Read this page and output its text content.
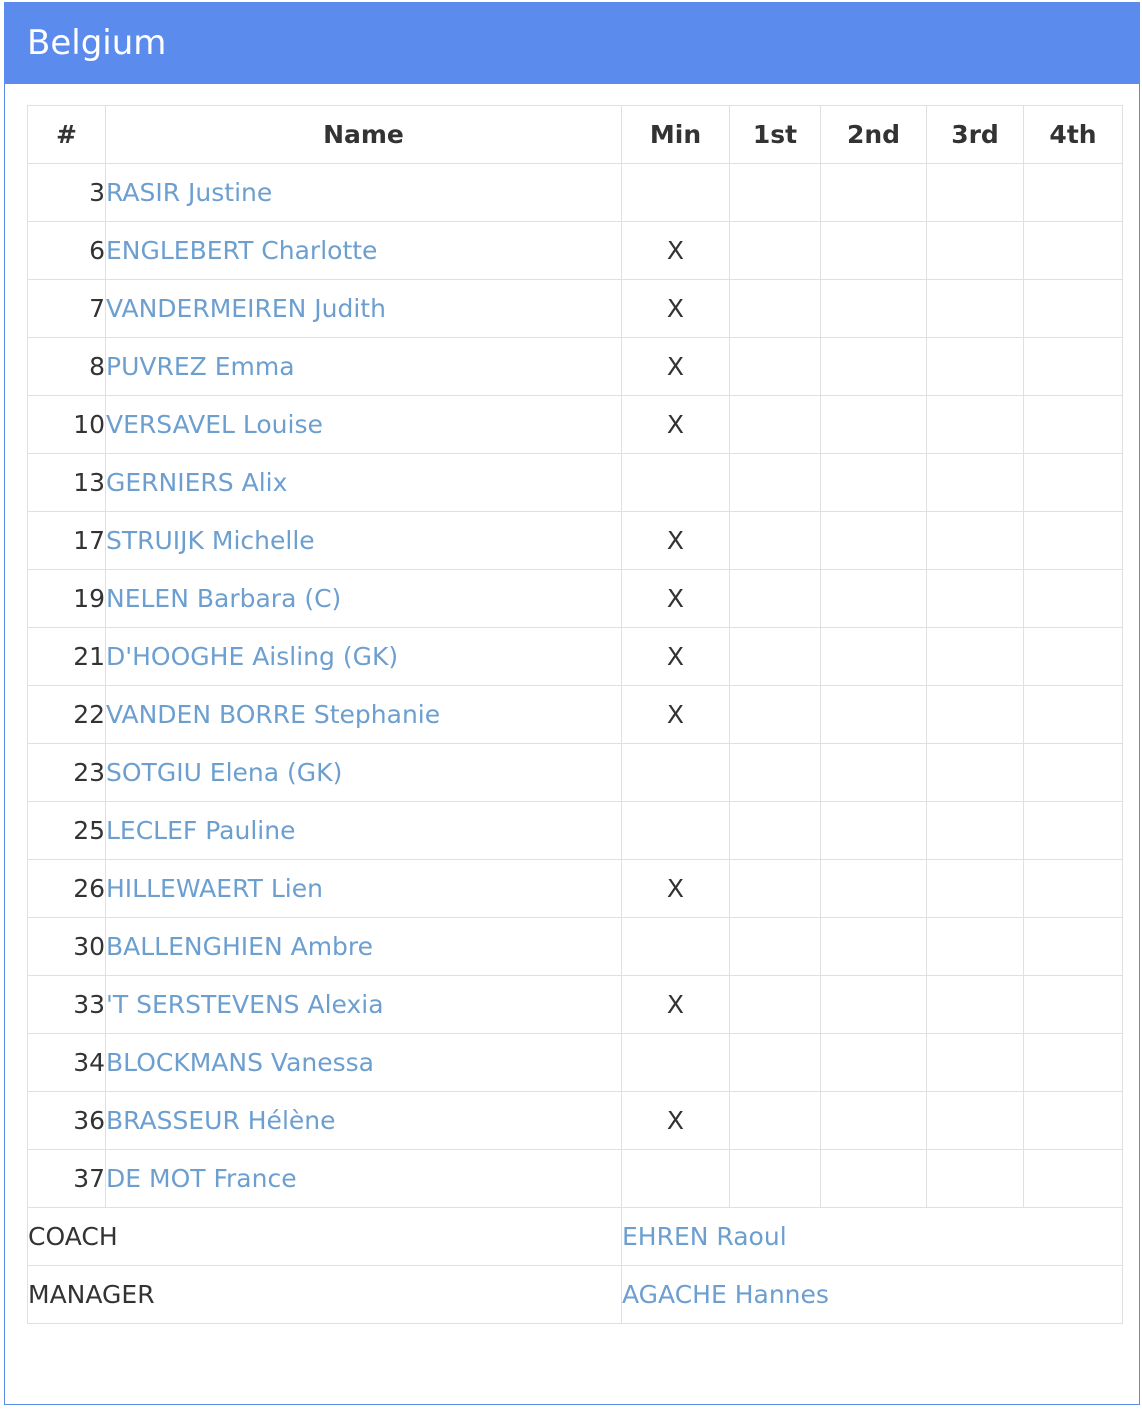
Belgium
#	Name	Min	1st	2nd	3rd	4th
3	RASIR Justine					
6	ENGLEBERT Charlotte	X				
7	VANDERMEIREN Judith	X				
8	PUVREZ Emma	X				
10	VERSAVEL Louise	X				
13	GERNIERS Alix					
17	STRUIJK Michelle	X				
19	NELEN Barbara (C)	X				
21	D'HOOGHE Aisling (GK)	X				
22	VANDEN BORRE Stephanie	X				
23	SOTGIU Elena (GK)					
25	LECLEF Pauline					
26	HILLEWAERT Lien	X				
30	BALLENGHIEN Ambre					
33	'T SERSTEVENS Alexia	X				
34	BLOCKMANS Vanessa					
36	BRASSEUR Hélène	X				
37	DE MOT France					
COACH		EHREN Raoul				
MANAGER		AGACHE Hannes				
